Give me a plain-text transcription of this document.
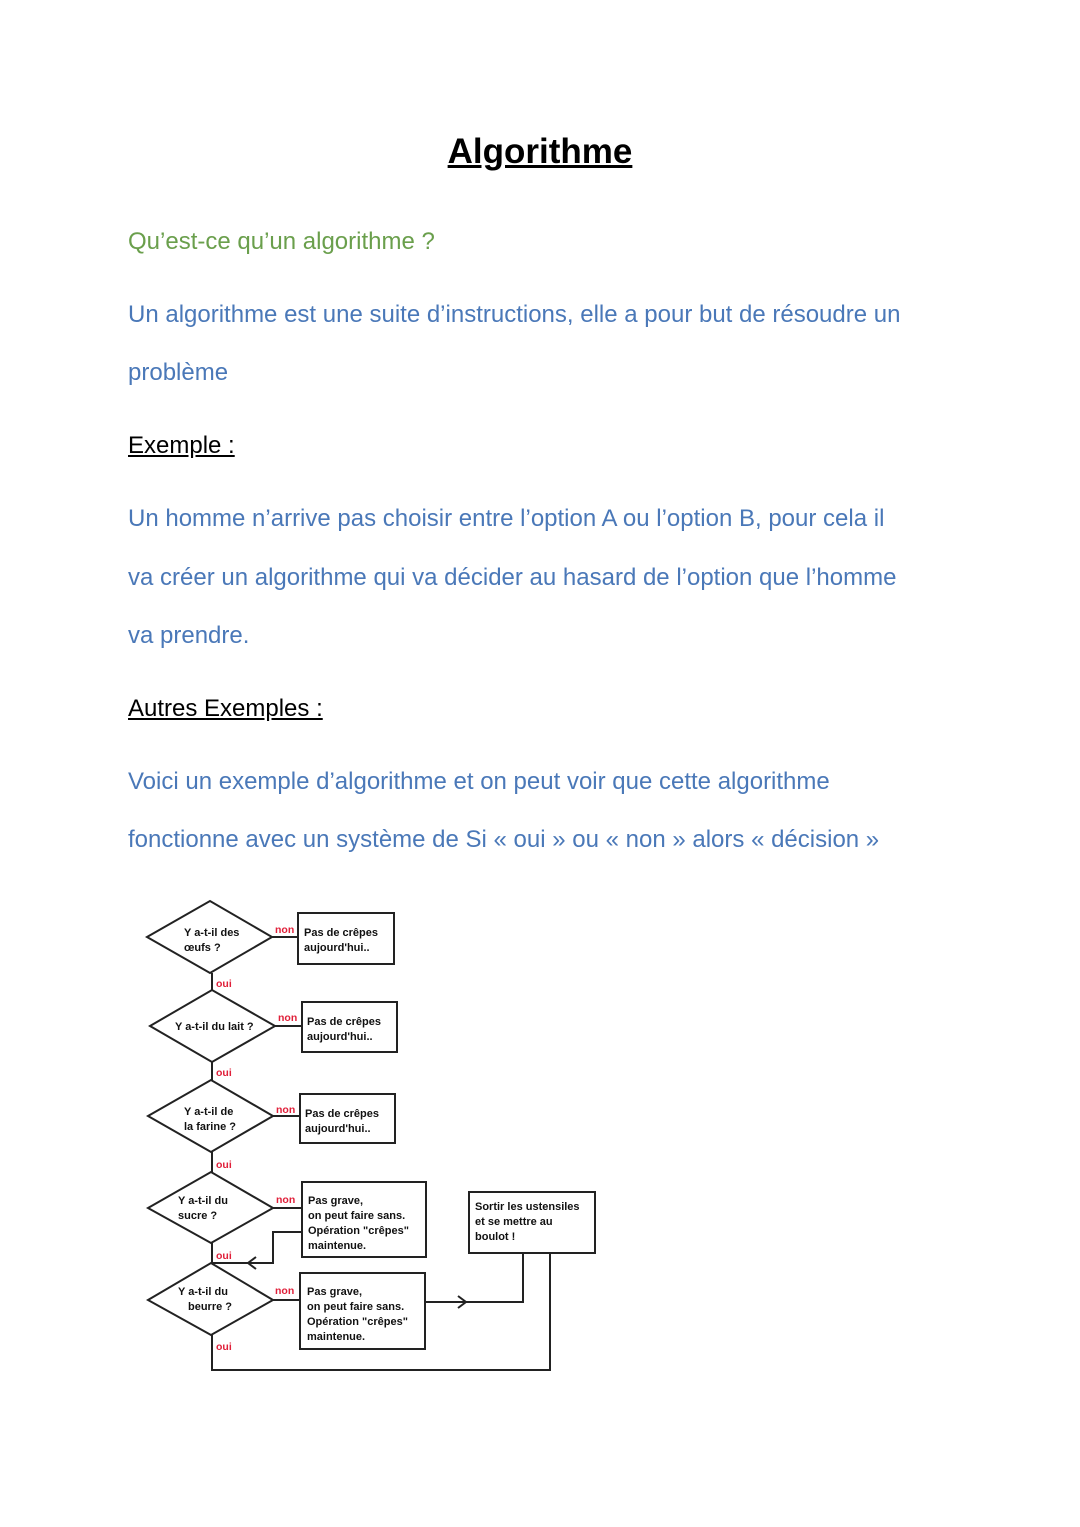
Algorithme
Qu’est-ce qu’un algorithme ?
Un algorithme est une suite d’instructions, elle a pour but de résoudre un
problème
Exemple :
Un homme n’arrive pas choisir entre l’option A ou l’option B, pour cela il
va créer un algorithme qui va décider au hasard de l’option que l’homme
va prendre.
Autres Exemples :
Voici un exemple d’algorithme et on peut voir que cette algorithme
fonctionne avec un système de Si « oui » ou « non » alors « décision »
Y a-t-il des
œufs ?
Y a-t-il du lait ?
Y a-t-il de
la farine ?
Y a-t-il du
sucre ?
Y a-t-il du
beurre ?
Pas de crêpes
aujourd'hui..
Pas de crêpes
aujourd'hui..
Pas de crêpes
aujourd'hui..
Pas grave,
on peut faire sans.
Opération "crêpes"
maintenue.
Pas grave,
on peut faire sans.
Opération "crêpes"
maintenue.
Sortir les ustensiles
et se mettre au
boulot !
non
non
non
non
non
oui
oui
oui
oui
oui
